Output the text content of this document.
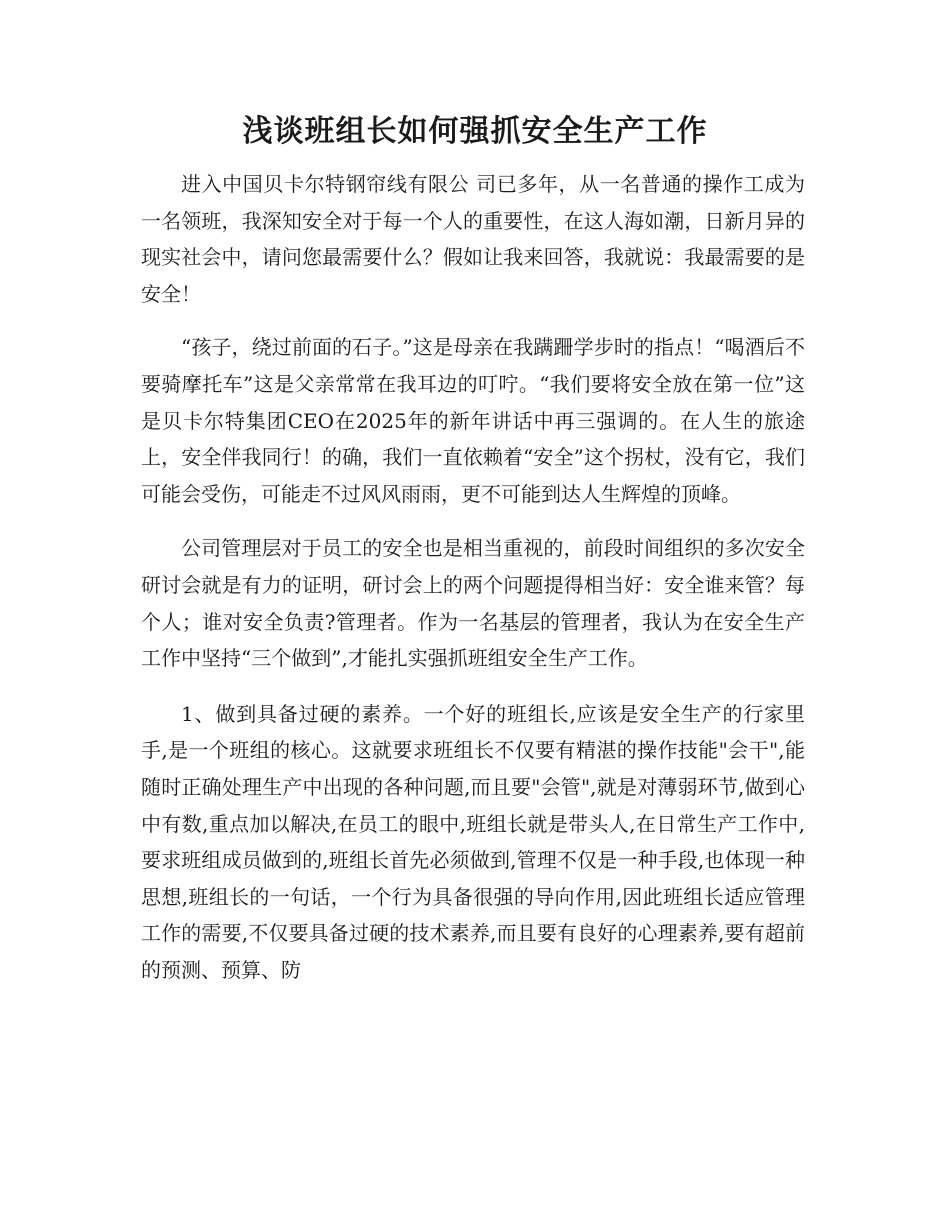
浅谈班组长如何强抓安全生产工作

进入中国贝卡尔特钢帘线有限公 司已多年，从一名普通的操作工成为一名领班，我深知安全对于每一个人的重要性，在这人海如潮，日新月异的现实社会中，请问您最需要什么？假如让我来回答，我就说：我最需要的是安全！

“孩子，绕过前面的石子。”这是母亲在我蹒跚学步时的指点！“喝酒后不要骑摩托车”这是父亲常常在我耳边的叮咛。“我们要将安全放在第一位”这是贝卡尔特集团CEO在2025年的新年讲话中再三强调的。在人生的旅途上，安全伴我同行！的确，我们一直依赖着“安全”这个拐杖，没有它，我们可能会受伤，可能走不过风风雨雨，更不可能到达人生辉煌的顶峰。

公司管理层对于员工的安全也是相当重视的，前段时间组织的多次安全研讨会就是有力的证明，研讨会上的两个问题提得相当好：安全谁来管？每个人；谁对安全负责?管理者。作为一名基层的管理者，我认为在安全生产工作中坚持“三个做到”,才能扎实强抓班组安全生产工作。

1、做到具备过硬的素养。一个好的班组长,应该是安全生产的行家里手,是一个班组的核心。这就要求班组长不仅要有精湛的操作技能"会干",能随时正确处理生产中出现的各种问题,而且要"会管",就是对薄弱环节,做到心中有数,重点加以解决,在员工的眼中,班组长就是带头人,在日常生产工作中,要求班组成员做到的,班组长首先必须做到,管理不仅是一种手段,也体现一种思想,班组长的一句话，一个行为具备很强的导向作用,因此班组长适应管理工作的需要,不仅要具备过硬的技术素养,而且要有良好的心理素养,要有超前的预测、预算、防
